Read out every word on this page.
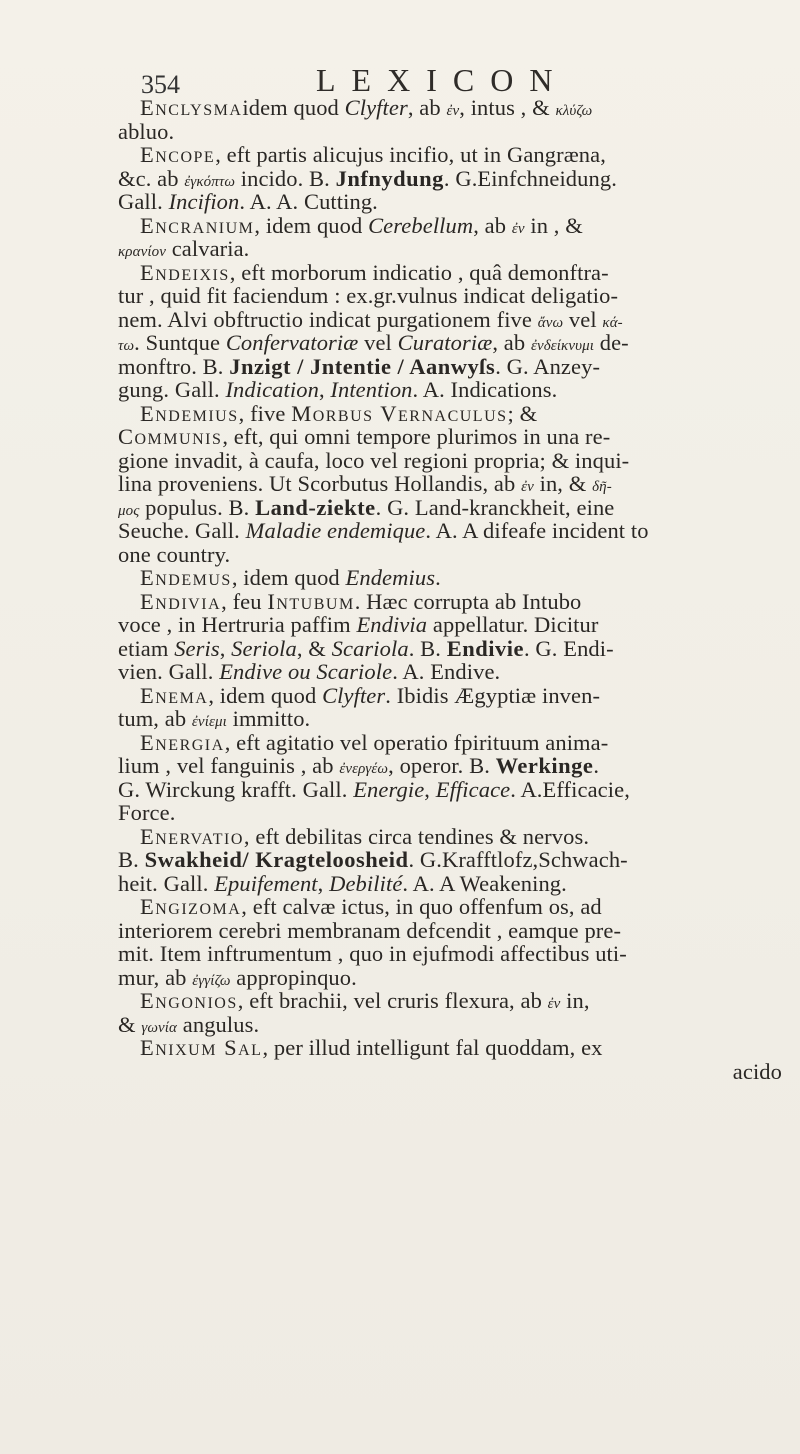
354	LEXICON
Enclysmaidem quod Clyfter, ab ἐν, intus , & κλύζω
abluo.
Encope, eft partis alicujus incifio, ut in Gangræna,
&c. ab ἐγκόπτω incido. B. Jnfnydung. G.Einfchneidung.
Gall. Incifion. A. A. Cutting.
Encranium, idem quod Cerebellum, ab ἐν in , &
κρανίον calvaria.
Endeixis, eft morborum indicatio , quâ demonftra-
tur , quid fit faciendum : ex.gr.vulnus indicat deligatio-
nem. Alvi obftructio indicat purgationem five ἄνω vel κά-
τω. Suntque Confervatoriæ vel Curatoriæ, ab ἐνδείκνυμι de-
monftro. B. Jnzigt / Jntentie / Aanwyſs. G. Anzey-
gung. Gall. Indication, Intention. A. Indications.
Endemius, five Morbus Vernaculus; &
Communis, eft, qui omni tempore plurimos in una re-
gione invadit, à caufa, loco vel regioni propria; & inqui-
lina proveniens. Ut Scorbutus Hollandis, ab ἐν in, & δῆ-
μος populus. B. Land-ziekte. G. Land-kranckheit, eine
Seuche. Gall. Maladie endemique. A. A difeafe incident to
one country.
Endemus, idem quod Endemius.
Endivia, feu Intubum. Hæc corrupta ab Intubo
voce , in Hertruria paffim Endivia appellatur. Dicitur
etiam Seris, Seriola, & Scariola. B. Endivie. G. Endi-
vien. Gall. Endive ou Scariole. A. Endive.
Enema, idem quod Clyfter. Ibidis Ægyptiæ inven-
tum, ab ἐνίεμι immitto.
Energia, eft agitatio vel operatio fpirituum anima-
lium , vel fanguinis , ab ἐνεργέω, operor. B. Werkinge.
G. Wirckung krafft. Gall. Energie, Efficace. A.Efficacie,
Force.
Enervatio, eft debilitas circa tendines & nervos.
B. Swakheid/ Kragteloosheid. G.Krafftlofz,Schwach-
heit. Gall. Epuifement, Debilité. A. A Weakening.
Engizoma, eft calvæ ictus, in quo offenfum os, ad
interiorem cerebri membranam defcendit , eamque pre-
mit. Item inftrumentum , quo in ejufmodi affectibus uti-
mur, ab ἐγγίζω appropinquo.
Engonios, eft brachii, vel cruris flexura, ab ἐν in,
& γωνία angulus.
Enixum Sal, per illud intelligunt fal quoddam, ex
acido
